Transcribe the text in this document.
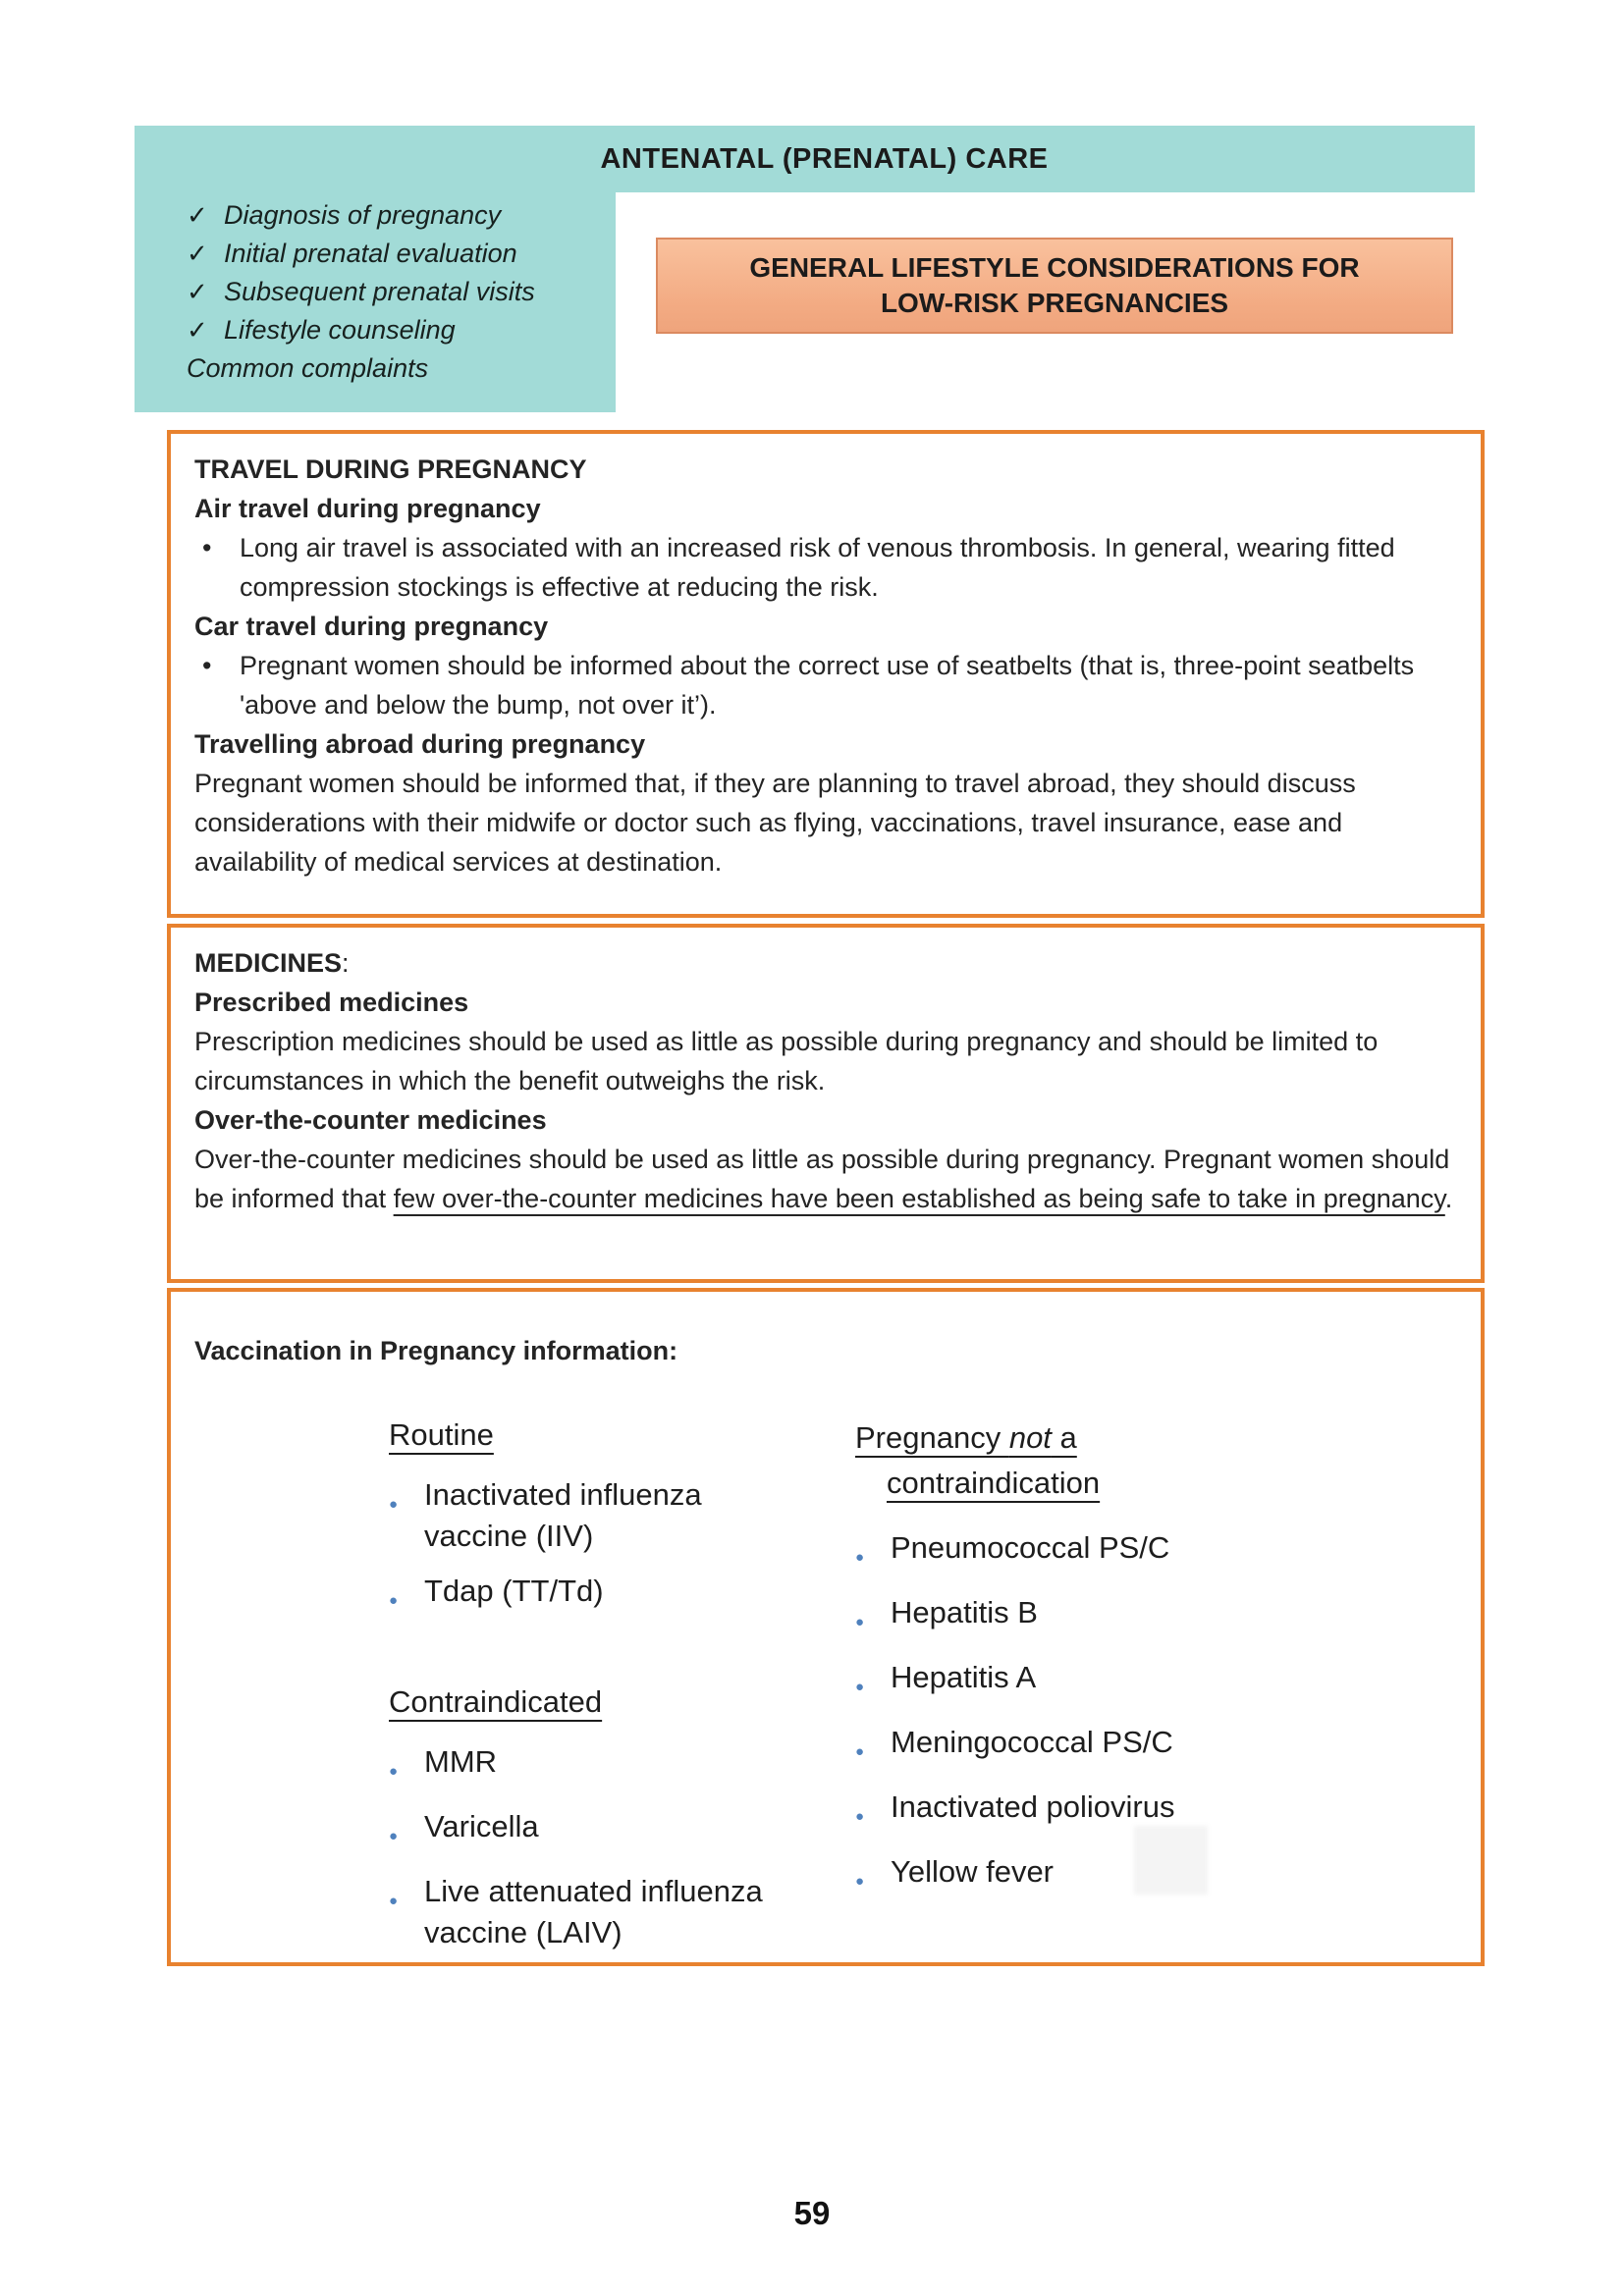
ANTENATAL (PRENATAL) CARE
✓ Diagnosis of pregnancy
✓ Initial prenatal evaluation
✓ Subsequent prenatal visits
✓ Lifestyle counseling
Common complaints
GENERAL LIFESTYLE CONSIDERATIONS FOR LOW-RISK PREGNANCIES
TRAVEL DURING PREGNANCY
Air travel during pregnancy
•	Long air travel is associated with an increased risk of venous thrombosis. In general, wearing fitted compression stockings is effective at reducing the risk.
Car travel during pregnancy
•	Pregnant women should be informed about the correct use of seatbelts (that is, three-point seatbelts 'above and below the bump, not over it’).
Travelling abroad during pregnancy
Pregnant women should be informed that, if they are planning to travel abroad, they should discuss considerations with their midwife or doctor such as flying, vaccinations, travel insurance, ease and availability of medical services at destination.
MEDICINES:
Prescribed medicines
Prescription medicines should be used as little as possible during pregnancy and should be limited to circumstances in which the benefit outweighs the risk.
Over-the-counter medicines
Over-the-counter medicines should be used as little as possible during pregnancy. Pregnant women should be informed that few over-the-counter medicines have been established as being safe to take in pregnancy.
Vaccination in Pregnancy information:
Routine
● Inactivated influenza vaccine (IIV)
● Tdap (TT/Td)
Contraindicated
● MMR
● Varicella
● Live attenuated influenza vaccine (LAIV)
Pregnancy not a
contraindication
● Pneumococcal PS/C
● Hepatitis B
● Hepatitis A
● Meningococcal PS/C
● Inactivated poliovirus
● Yellow fever
59
